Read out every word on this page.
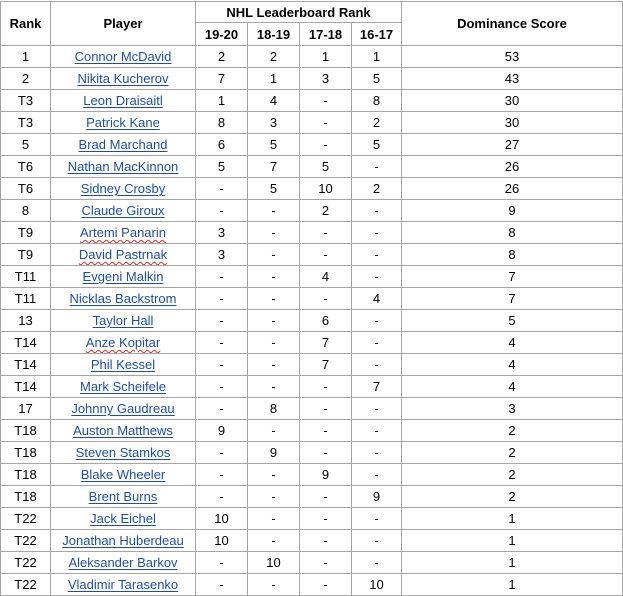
Rank	Player	NHL Leaderboard Rank				Dominance Score
		19-20	18-19	17-18	16-17	
1	Connor McDavid	2	2	1	1	53
2	Nikita Kucherov	7	1	3	5	43
T3	Leon Draisaitl	1	4	-	8	30
T3	Patrick Kane	8	3	-	2	30
5	Brad Marchand	6	5	-	5	27
T6	Nathan MacKinnon	5	7	5	-	26
T6	Sidney Crosby	-	5	10	2	26
8	Claude Giroux	-	-	2	-	9
T9	Artemi Panarin	3	-	-	-	8
T9	David Pastrnak	3	-	-	-	8
T11	Evgeni Malkin	-	-	4	-	7
T11	Nicklas Backstrom	-	-	-	4	7
13	Taylor Hall	-	-	6	-	5
T14	Anze Kopitar	-	-	7	-	4
T14	Phil Kessel	-	-	7	-	4
T14	Mark Scheifele	-	-	-	7	4
17	Johnny Gaudreau	-	8	-	-	3
T18	Auston Matthews	9	-	-	-	2
T18	Steven Stamkos	-	9	-	-	2
T18	Blake Wheeler	-	-	9	-	2
T18	Brent Burns	-	-	-	9	2
T22	Jack Eichel	10	-	-	-	1
T22	Jonathan Huberdeau	10	-	-	-	1
T22	Aleksander Barkov	-	10	-	-	1
T22	Vladimir Tarasenko	-	-	-	10	1
